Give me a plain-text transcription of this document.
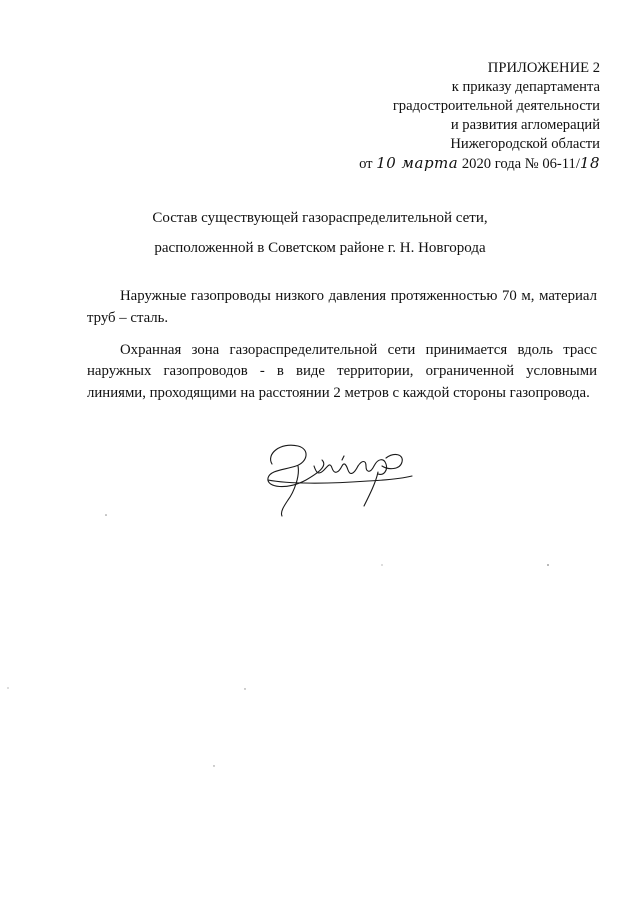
ПРИЛОЖЕНИЕ 2
к приказу департамента
градостроительной деятельности
и развития агломераций
Нижегородской области
от 10 марта 2020 года № 06-11/18
Состав существующей газораспределительной сети,
расположенной в Советском районе г. Н. Новгорода

Наружные газопроводы низкого давления протяженностью 70 м, материал труб – сталь.

Охранная зона газораспределительной сети принимается вдоль трасс наружных газопроводов - в виде территории, ограниченной условными линиями, проходящими на расстоянии 2 метров с каждой стороны газопровода.
